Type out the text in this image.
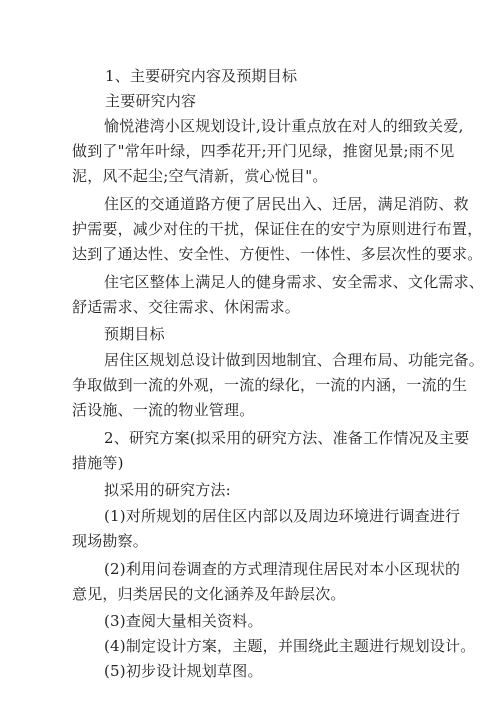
1、主要研究内容及预期目标
主要研究内容
愉悦港湾小区规划设计,设计重点放在对人的细致关爱,
做到了"常年叶绿，四季花开;开门见绿，推窗见景;雨不见
泥，风不起尘;空气清新，赏心悦目"。
住区的交通道路方便了居民出入、迁居，满足消防、救
护需要，减少对住的干扰，保证住在的安宁为原则进行布置，
达到了通达性、安全性、方便性、一体性、多层次性的要求。
住宅区整体上满足人的健身需求、安全需求、文化需求、
舒适需求、交往需求、休闲需求。
预期目标
居住区规划总设计做到因地制宜、合理布局、功能完备。
争取做到一流的外观，一流的绿化，一流的内涵，一流的生
活设施、一流的物业管理。
2、研究方案(拟采用的研究方法、准备工作情况及主要
措施等)
拟采用的研究方法:
(1)对所规划的居住区内部以及周边环境进行调查进行
现场勘察。
(2)利用问卷调查的方式理清现住居民对本小区现状的
意见，归类居民的文化涵养及年龄层次。
(3)查阅大量相关资料。
(4)制定设计方案，主题，并围绕此主题进行规划设计。
(5)初步设计规划草图。
